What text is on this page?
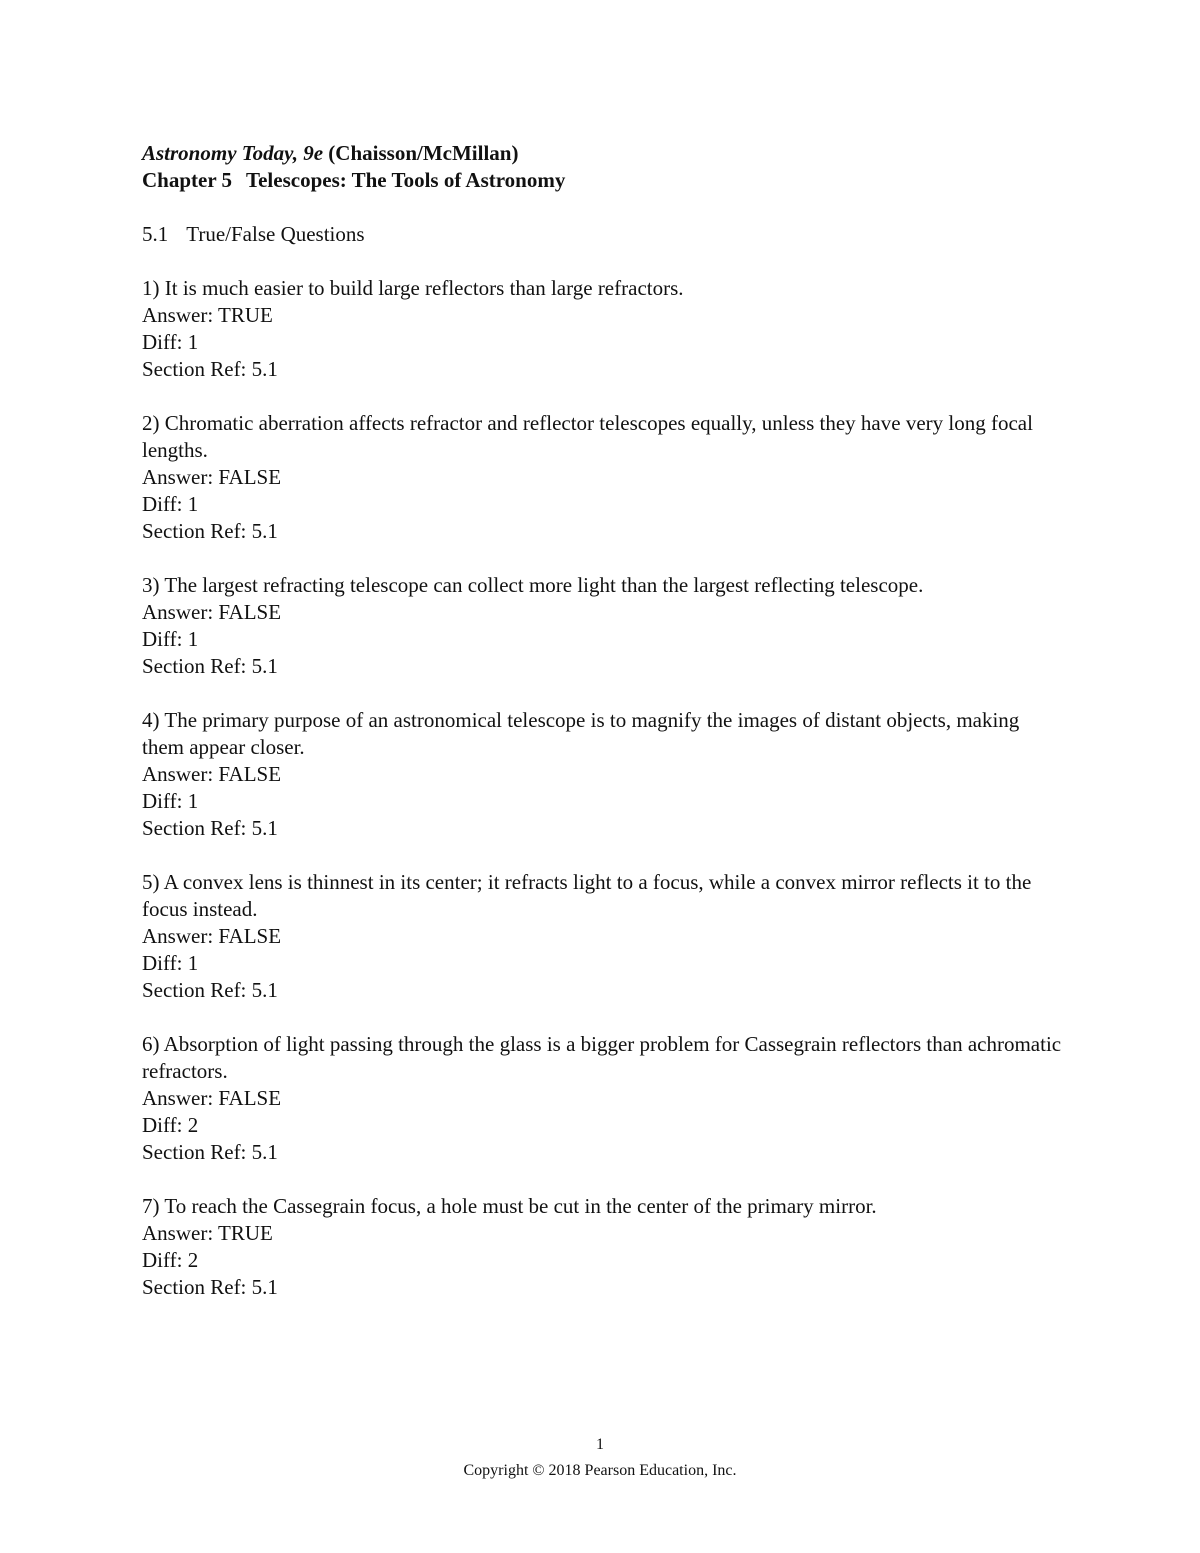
Astronomy Today, 9e (Chaisson/McMillan)
Chapter 5 Telescopes: The Tools of Astronomy
5.1 True/False Questions
1) It is much easier to build large reflectors than large refractors.
Answer: TRUE
Diff: 1
Section Ref: 5.1
2) Chromatic aberration affects refractor and reflector telescopes equally, unless they have very long focal lengths.
Answer: FALSE
Diff: 1
Section Ref: 5.1
3) The largest refracting telescope can collect more light than the largest reflecting telescope.
Answer: FALSE
Diff: 1
Section Ref: 5.1
4) The primary purpose of an astronomical telescope is to magnify the images of distant objects, making them appear closer.
Answer: FALSE
Diff: 1
Section Ref: 5.1
5) A convex lens is thinnest in its center; it refracts light to a focus, while a convex mirror reflects it to the focus instead.
Answer: FALSE
Diff: 1
Section Ref: 5.1
6) Absorption of light passing through the glass is a bigger problem for Cassegrain reflectors than achromatic refractors.
Answer: FALSE
Diff: 2
Section Ref: 5.1
7) To reach the Cassegrain focus, a hole must be cut in the center of the primary mirror.
Answer: TRUE
Diff: 2
Section Ref: 5.1
1
Copyright © 2018 Pearson Education, Inc.
